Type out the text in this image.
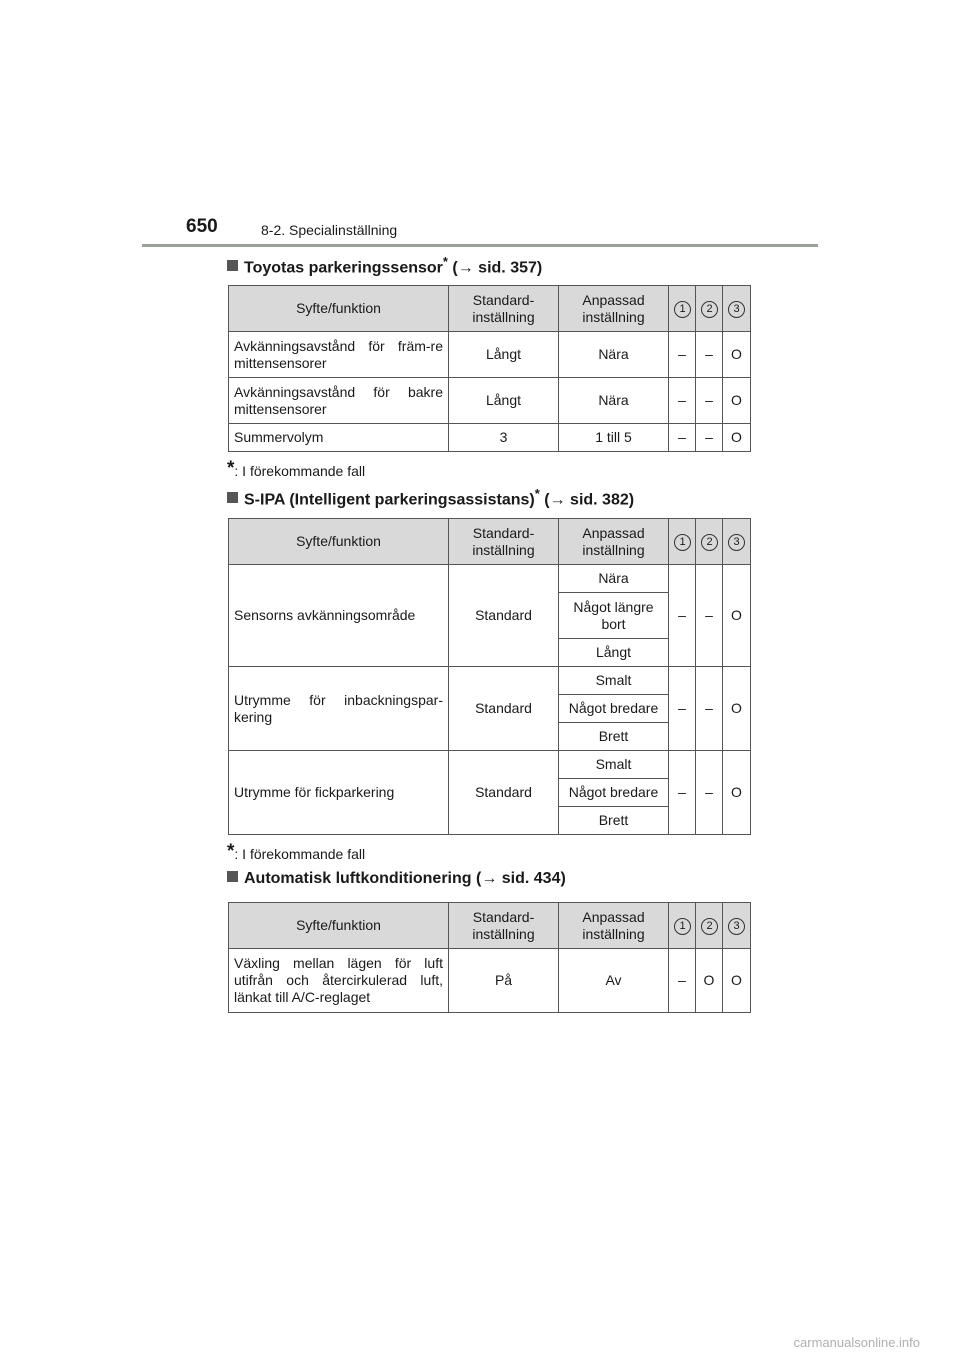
650	8-2. Specialinställning
Toyotas parkeringssensor* (→ sid. 357)
Syfte/funktion	Standard-inställning	Anpassad inställning	1	2	3
Avkänningsavstånd för främ-re mittensensorer	Långt	Nära	–	–	O
Avkänningsavstånd för bakre mittensensorer	Långt	Nära	–	–	O
Summervolym	3	1 till 5	–	–	O
*: I förekommande fall
S-IPA (Intelligent parkeringsassistans)* (→ sid. 382)
Syfte/funktion	Standard-inställning	Anpassad inställning	1	2	3
Sensorns avkänningsområde	Standard	Nära	–	–	O
		Något längre bort			
		Långt			
Utrymme för inbackningspar-kering	Standard	Smalt	–	–	O
		Något bredare			
		Brett			
Utrymme för fickparkering	Standard	Smalt	–	–	O
		Något bredare			
		Brett			
*: I förekommande fall
Automatisk luftkonditionering (→ sid. 434)
Syfte/funktion	Standard-inställning	Anpassad inställning	1	2	3
Växling mellan lägen för luft utifrån och återcirkulerad luft, länkat till A/C-reglaget	På	Av	–	O	O
carmanualsonline.info
